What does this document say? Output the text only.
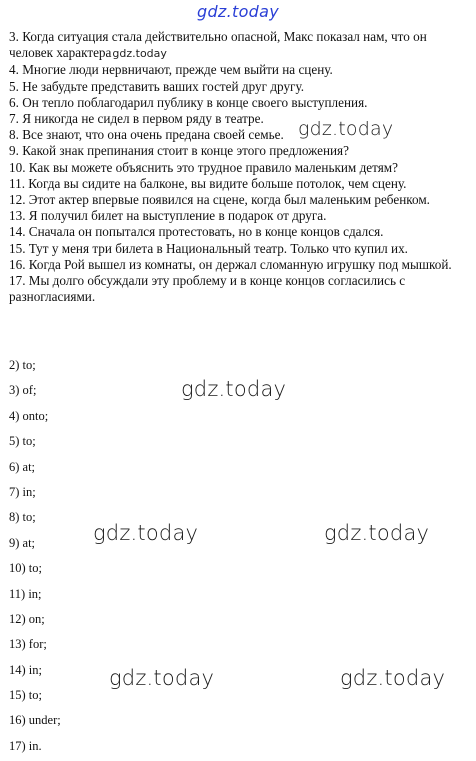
gdz.today

3. Когда ситуация стала действительно опасной, Макс показал нам, что он человек характераgdz.today

4. Многие люди нервничают, прежде чем выйти на сцену.

5. Не забудьте представить ваших гостей друг другу.

6. Он тепло поблагодарил публику в конце своего выступления.

7. Я никогда не сидел в первом ряду в театре.

8. Все знают, что она очень предана своей семье.

9. Какой знак препинания стоит в конце этого предложения?

10. Как вы можете объяснить это трудное правило маленьким детям?

11. Когда вы сидите на балконе, вы видите больше потолок, чем сцену.

12. Этот актер впервые появился на сцене, когда был маленьким ребенком.

13. Я получил билет на выступление в подарок от друга.

14. Сначала он попытался протестовать, но в конце концов сдался.

15. Тут у меня три билета в Национальный театр. Только что купил их.

16. Когда Рой вышел из комнаты, он держал сломанную игрушку под мышкой.

17. Мы долго обсуждали эту проблему и в конце концов согласились с разногласиями.

2) to;

3) of;

4) onto;

5) to;

6) at;

7) in;

8) to;

9) at;

10) to;

11) in;

12) on;

13) for;

14) in;

15) to;

16) under;

17) in.

gdz.today
gdz.today
gdz.today	gdz.today
gdz.today	gdz.today
